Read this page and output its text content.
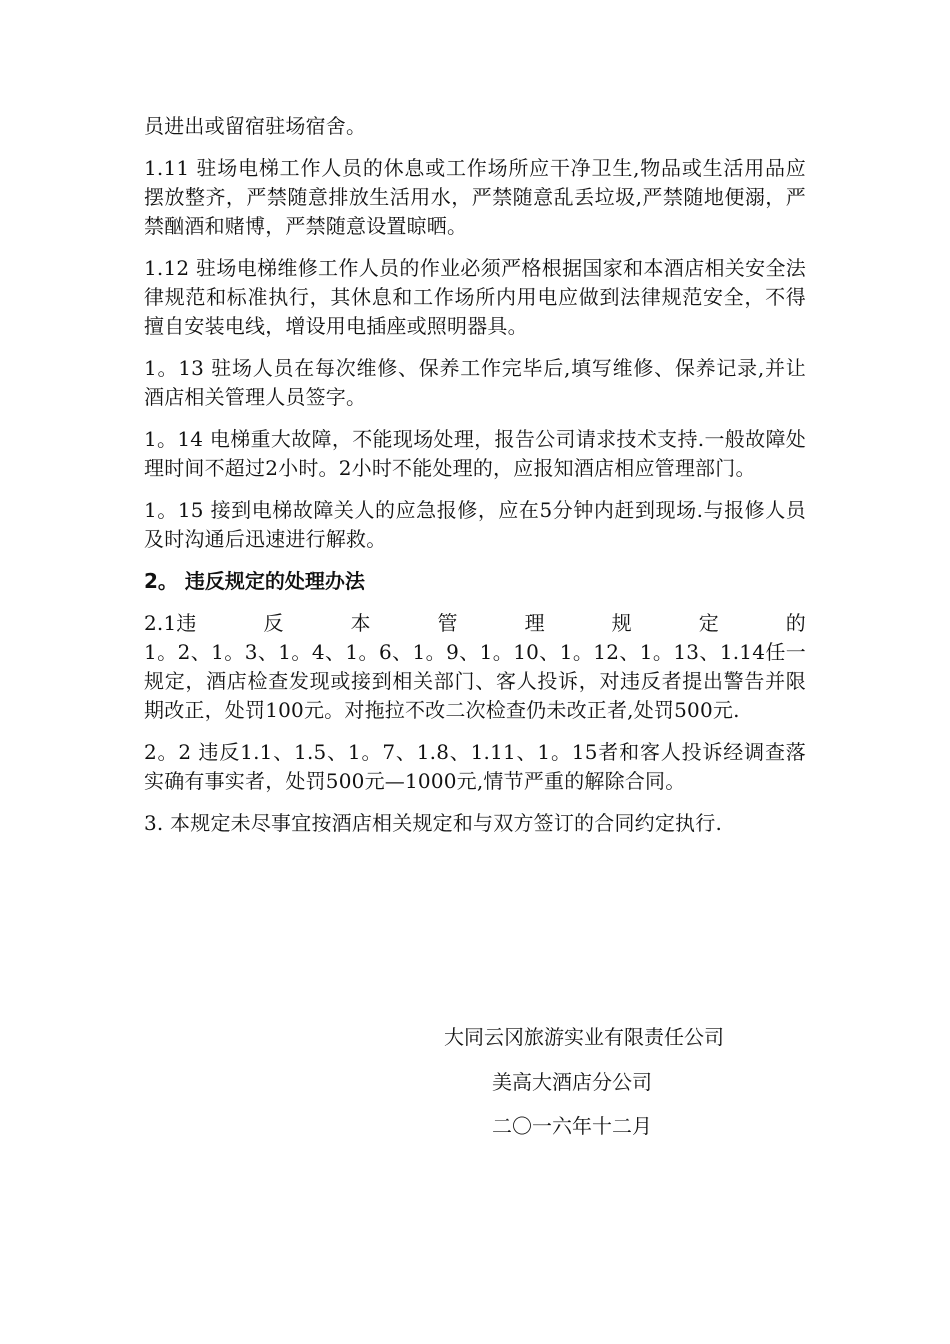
员进出或留宿驻场宿舍。

1.11 驻场电梯工作人员的休息或工作场所应干净卫生,物品或生活用品应摆放整齐，严禁随意排放生活用水，严禁随意乱丢垃圾,严禁随地便溺，严禁酗酒和赌博，严禁随意设置晾晒。

1.12 驻场电梯维修工作人员的作业必须严格根据国家和本酒店相关安全法律规范和标准执行，其休息和工作场所内用电应做到法律规范安全，不得擅自安装电线，增设用电插座或照明器具。

1。13 驻场人员在每次维修、保养工作完毕后,填写维修、保养记录,并让酒店相关管理人员签字。

1。14 电梯重大故障，不能现场处理，报告公司请求技术支持.一般故障处理时间不超过2小时。2小时不能处理的，应报知酒店相应管理部门。

1。15 接到电梯故障关人的应急报修，应在5分钟内赶到现场.与报修人员及时沟通后迅速进行解救。

2。 违反规定的处理办法

2.1违	反	本	管	理	规	定	的
1。2、1。3、1。4、1。6、1。9、1。10、1。12、1。13、1.14任一规定，酒店检查发现或接到相关部门、客人投诉，对违反者提出警告并限期改正，处罚100元。对拖拉不改二次检查仍未改正者,处罚500元.

2。2 违反1.1、1.5、1。7、1.8、1.11、1。15者和客人投诉经调查落实确有事实者，处罚500元—1000元,情节严重的解除合同。

3. 本规定未尽事宜按酒店相关规定和与双方签订的合同约定执行.

大同云冈旅游实业有限责任公司
美高大酒店分公司
二〇一六年十二月
